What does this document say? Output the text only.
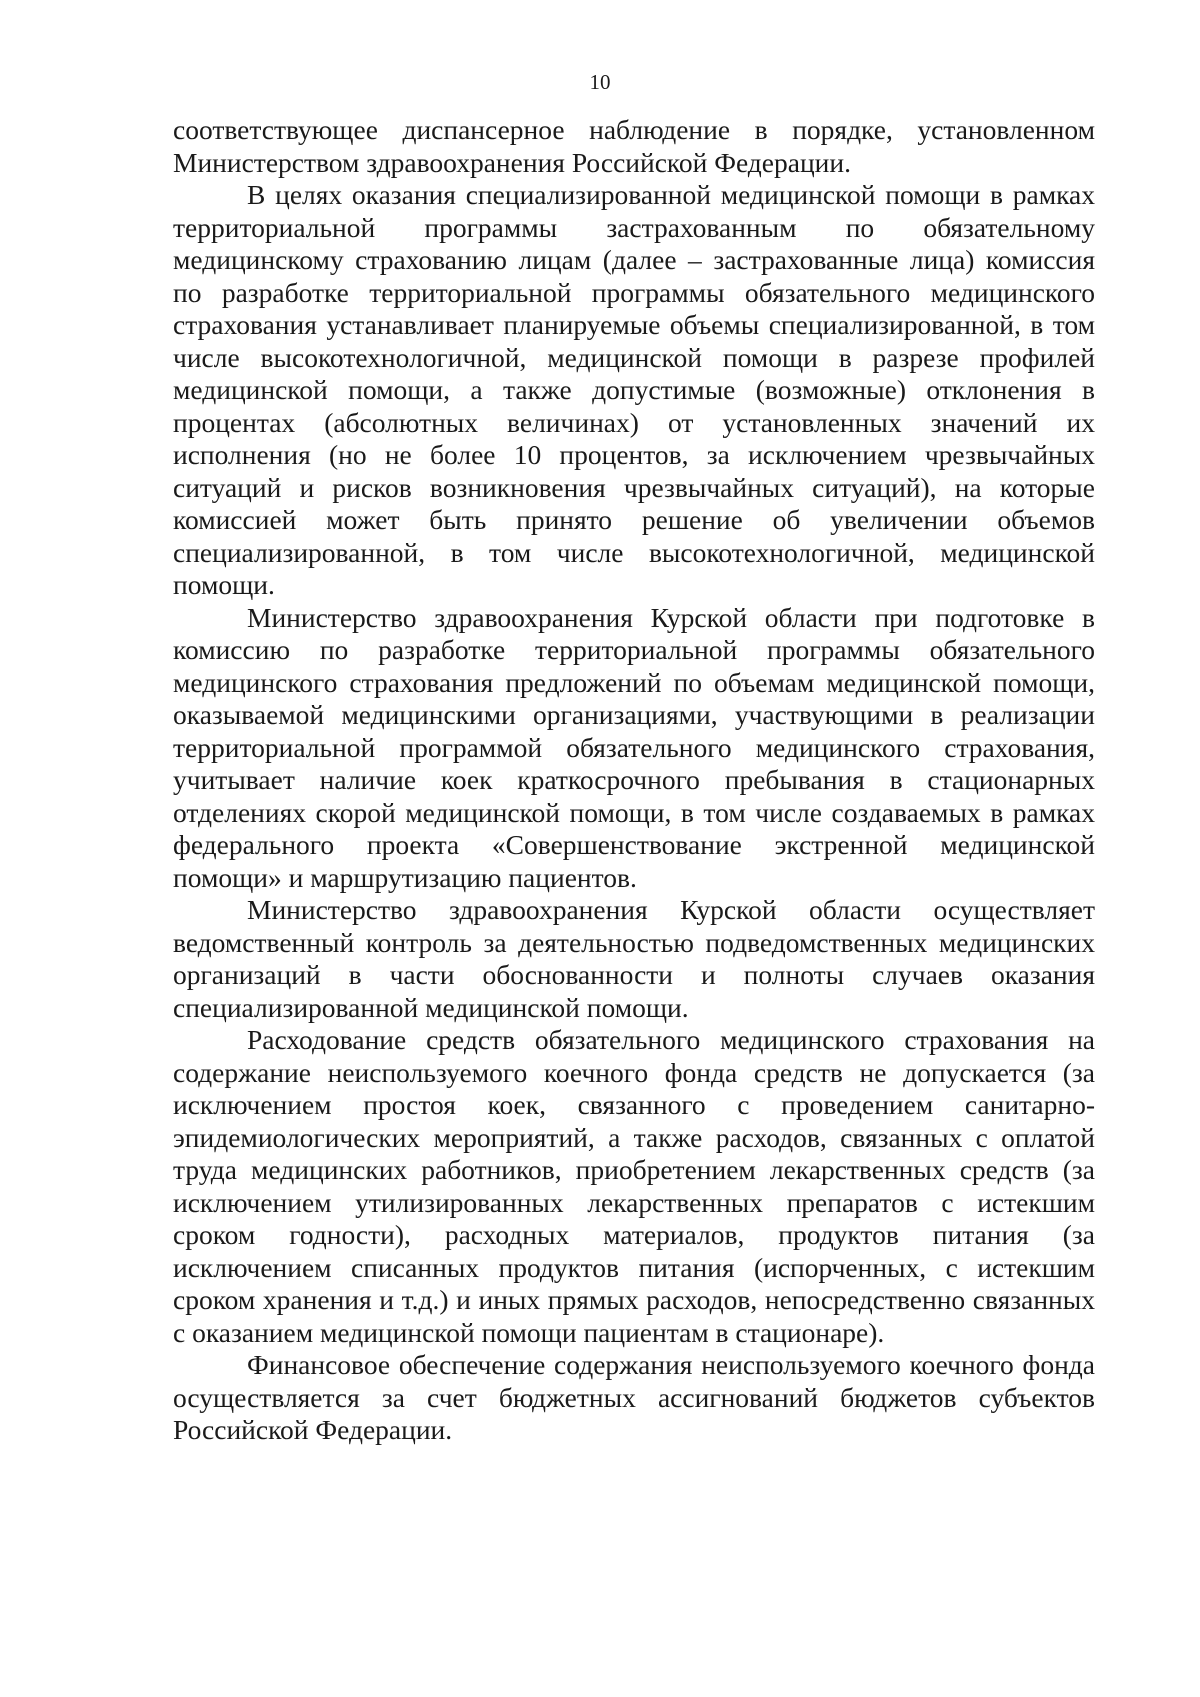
10

соответствующее диспансерное наблюдение в порядке, установленном Министерством здравоохранения Российской Федерации.

В целях оказания специализированной медицинской помощи в рамках территориальной программы застрахованным по обязательному медицинскому страхованию лицам (далее – застрахованные лица) комиссия по разработке территориальной программы обязательного медицинского страхования устанавливает планируемые объемы специализированной, в том числе высокотехнологичной, медицинской помощи в разрезе профилей медицинской помощи, а также допустимые (возможные) отклонения в процентах (абсолютных величинах) от установленных значений их исполнения (но не более 10 процентов, за исключением чрезвычайных ситуаций и рисков возникновения чрезвычайных ситуаций), на которые комиссией может быть принято решение об увеличении объемов специализированной, в том числе высокотехнологичной, медицинской помощи.

Министерство здравоохранения Курской области при подготовке в комиссию по разработке территориальной программы обязательного медицинского страхования предложений по объемам медицинской помощи, оказываемой медицинскими организациями, участвующими в реализации территориальной программой обязательного медицинского страхования, учитывает наличие коек краткосрочного пребывания в стационарных отделениях скорой медицинской помощи, в том числе создаваемых в рамках федерального проекта «Совершенствование экстренной медицинской помощи» и маршрутизацию пациентов.

Министерство здравоохранения Курской области осуществляет ведомственный контроль за деятельностью подведомственных медицинских организаций в части обоснованности и полноты случаев оказания специализированной медицинской помощи.

Расходование средств обязательного медицинского страхования на содержание неиспользуемого коечного фонда средств не допускается (за исключением простоя коек, связанного с проведением санитарно-эпидемиологических мероприятий, а также расходов, связанных с оплатой труда медицинских работников, приобретением лекарственных средств (за исключением утилизированных лекарственных препаратов с истекшим сроком годности), расходных материалов, продуктов питания (за исключением списанных продуктов питания (испорченных, с истекшим сроком хранения и т.д.) и иных прямых расходов, непосредственно связанных с оказанием медицинской помощи пациентам в стационаре).

Финансовое обеспечение содержания неиспользуемого коечного фонда осуществляется за счет бюджетных ассигнований бюджетов субъектов Российской Федерации.
